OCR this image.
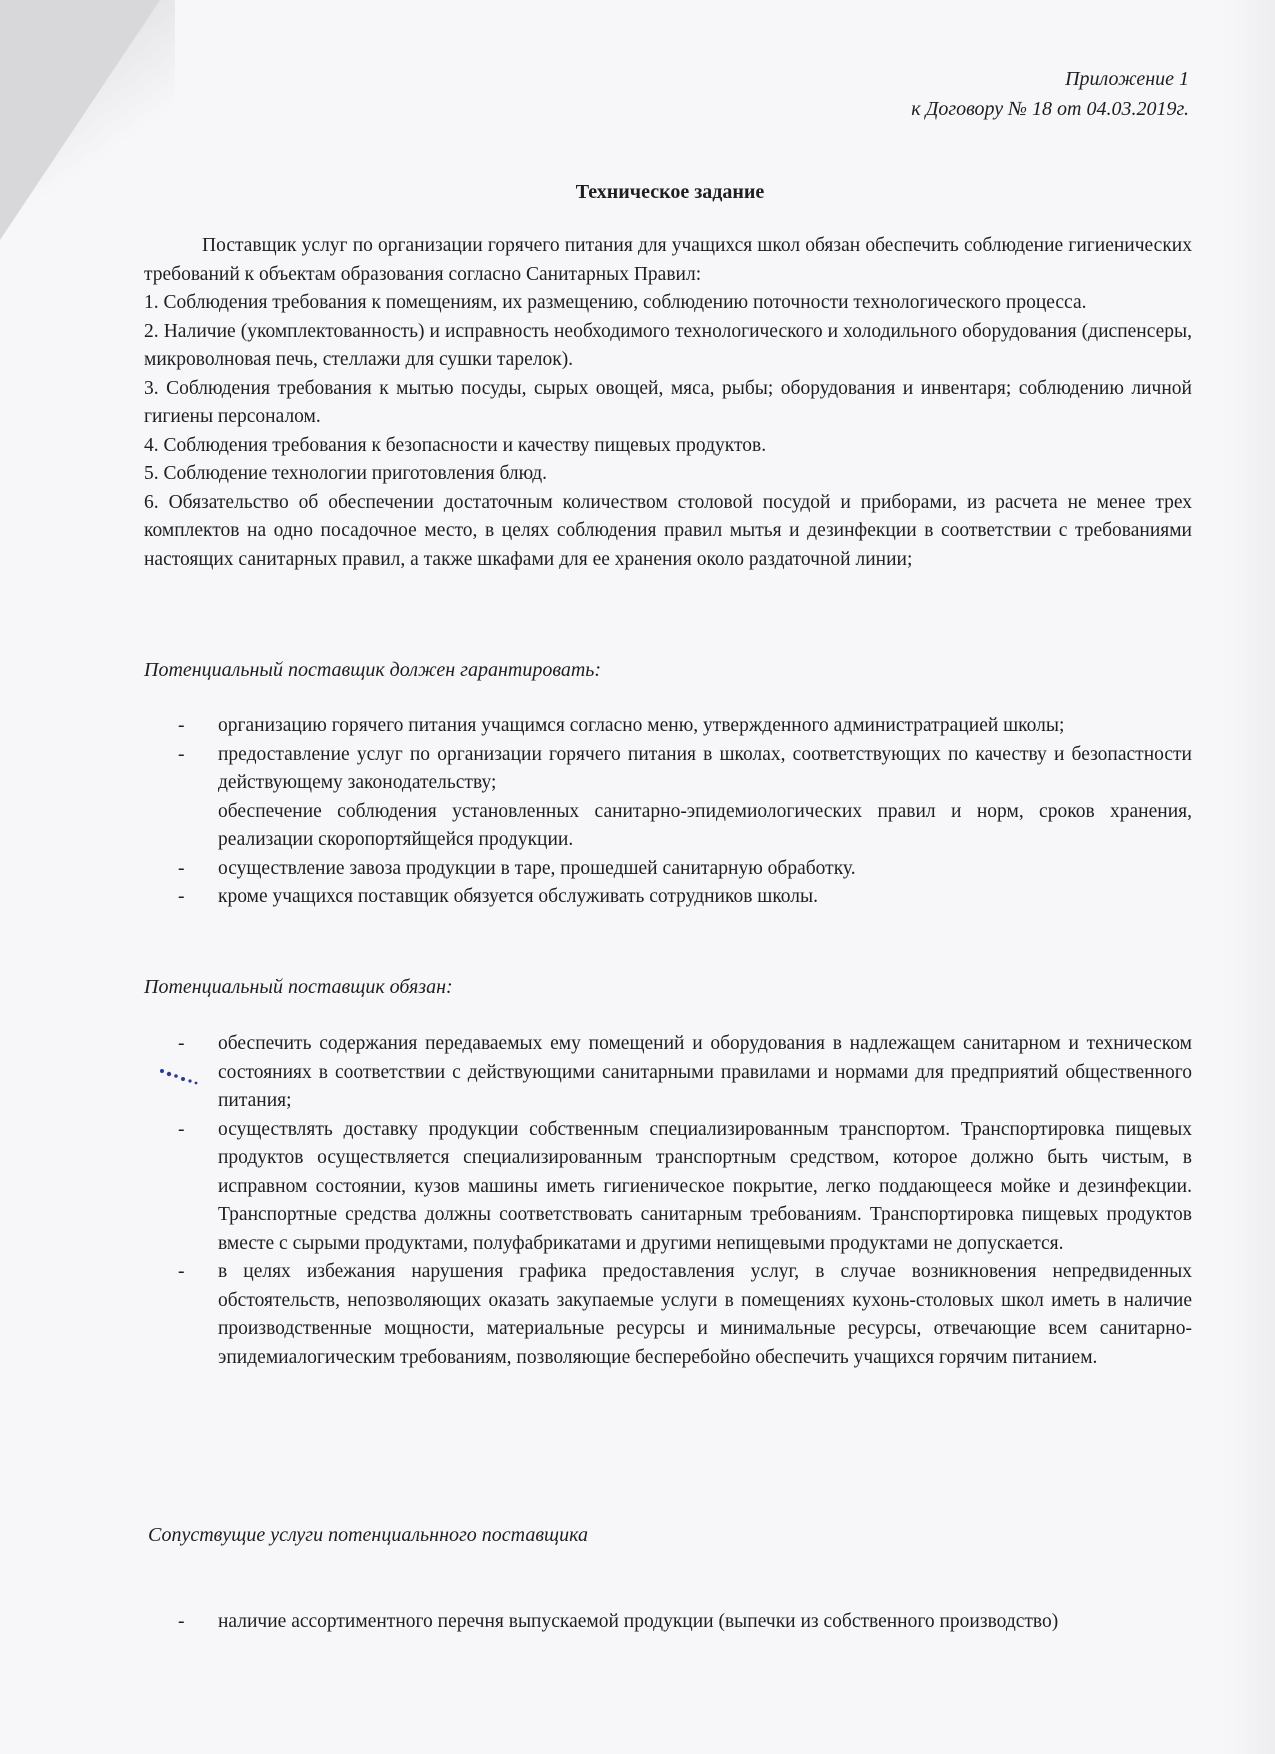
Приложение 1
к Договору № 18 от 04.03.2019г.
Техническое задание

Поставщик услуг по организации горячего питания для учащихся школ обязан обеспечить соблюдение гигиенических требований к объектам образования согласно Санитарных Правил:

1. Соблюдения требования к помещениям, их размещению, соблюдению поточности технологического процесса.

2. Наличие (укомплектованность) и исправность необходимого технологического и холодильного оборудования (диспенсеры, микроволновая печь, стеллажи для сушки тарелок).

3. Соблюдения требования к мытью посуды, сырых овощей, мяса, рыбы; оборудования и инвентаря; соблюдению личной гигиены персоналом.

4. Соблюдения требования к безопасности и качеству пищевых продуктов.

5. Соблюдение технологии приготовления блюд.

6. Обязательство об обеспечении достаточным количеством столовой посудой и приборами, из расчета не менее трех комплектов на одно посадочное место, в целях соблюдения правил мытья и дезинфекции в соответствии с требованиями настоящих санитарных правил, а также шкафами для ее хранения около раздаточной линии;

Потенциальный поставщик должен гарантировать:
- организацию горячего питания учащимся согласно меню, утвержденного администратрацией школы;
- предоставление услуг по организации горячего питания в школах, соответствующих по качеству и безопастности действующему законодательству;
обеспечение соблюдения установленных санитарно-эпидемиологических правил и норм, сроков хранения, реализации скоропортяйщейся продукции.
- осуществление завоза продукции в таре, прошедшей санитарную обработку.
- кроме учащихся поставщик обязуется обслуживать сотрудников школы.
Потенциальный поставщик обязан:
- обеспечить содержания передаваемых ему помещений и оборудования в надлежащем санитарном и техническом состояниях в соответствии с действующими санитарными правилами и нормами для предприятий общественного питания;
- осуществлять доставку продукции собственным специализированным транспортом. Транспортировка пищевых продуктов осуществляется специализированным транспортным средством, которое должно быть чистым, в исправном состоянии, кузов машины иметь гигиеническое покрытие, легко поддающееся мойке и дезинфекции. Транспортные средства должны соответствовать санитарным требованиям. Транспортировка пищевых продуктов вместе с сырыми продуктами, полуфабрикатами и другими непищевыми продуктами не допускается.
- в целях избежания нарушения графика предоставления услуг, в случае возникновения непредвиденных обстоятельств, непозволяющих оказать закупаемые услуги в помещениях кухонь-столовых школ иметь в наличие производственные мощности, материальные ресурсы и минимальные ресурсы, отвечающие всем санитарно-эпидемиалогическим требованиям, позволяющие бесперебойно обеспечить учащихся горячим питанием.
Сопуствущие услуги потенциальнного поставщика
- наличие ассортиментного перечня выпускаемой продукции (выпечки из собственного производство)
